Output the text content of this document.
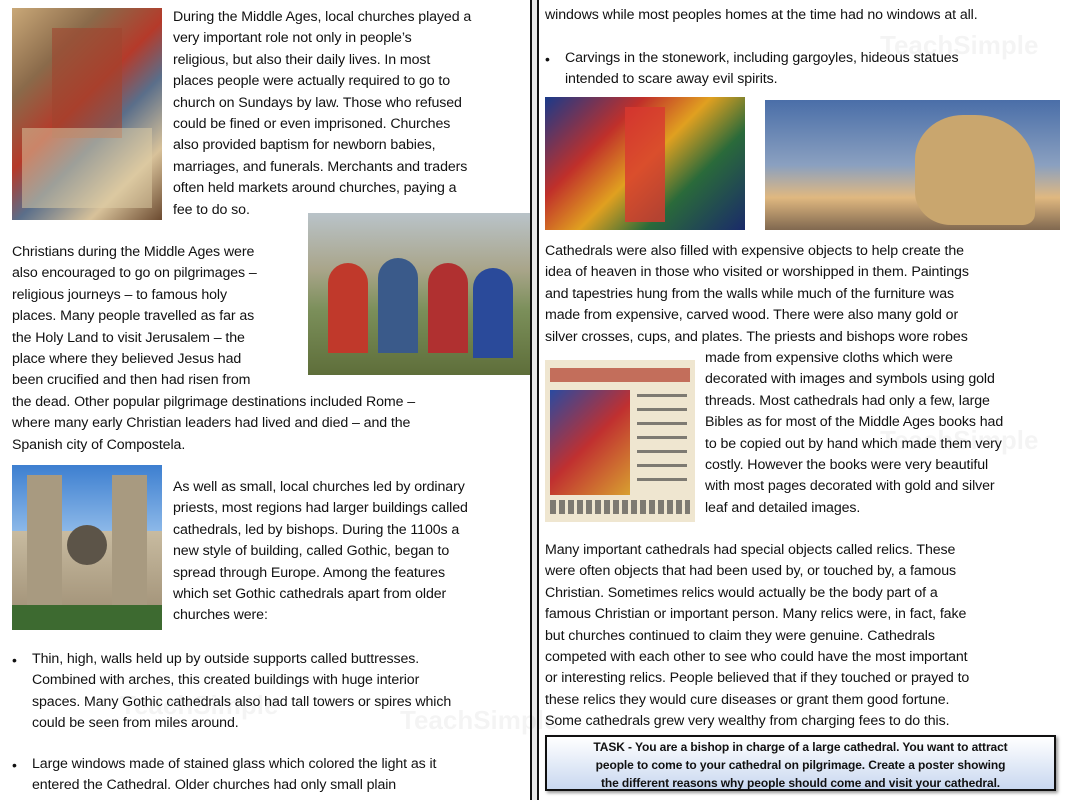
During the Middle Ages, local churches played a
very important role not only in people’s
religious, but also their daily lives. In most
places people were actually required to go to
church on Sundays by law. Those who refused
could be fined or even imprisoned. Churches
also provided baptism for newborn babies,
marriages, and funerals. Merchants and traders
often held markets around churches, paying a
fee to do so.
Christians during the Middle Ages were
also encouraged to go on pilgrimages –
religious journeys – to famous holy
places. Many people travelled as far as
the Holy Land to visit Jerusalem – the
place where they believed Jesus had
been crucified and then had risen from
the dead. Other popular pilgrimage destinations included Rome –
where many early Christian leaders had lived and died – and the
Spanish city of Compostela.
As well as small, local churches led by ordinary
priests, most regions had larger buildings called
cathedrals, led by bishops. During the 1100s a
new style of building, called Gothic, began to
spread through Europe. Among the features
which set Gothic cathedrals apart from older
churches were:
• Thin, high, walls held up by outside supports called buttresses.
Combined with arches, this created buildings with huge interior
spaces. Many Gothic cathedrals also had tall towers or spires which
could be seen from miles around.
• Large windows made of stained glass which colored the light as it
entered the Cathedral. Older churches had only small plain
windows while most peoples homes at the time had no windows at all.
• Carvings in the stonework, including gargoyles, hideous statues
intended to scare away evil spirits.
Cathedrals were also filled with expensive objects to help create the
idea of heaven in those who visited or worshipped in them. Paintings
and tapestries hung from the walls while much of the furniture was
made from expensive, carved wood. There were also many gold or
silver crosses, cups, and plates. The priests and bishops wore robes
made from expensive cloths which were
decorated with images and symbols using gold
threads. Most cathedrals had only a few, large
Bibles as for most of the Middle Ages books had
to be copied out by hand which made them very
costly. However the books were very beautiful
with most pages decorated with gold and silver
leaf and detailed images.
Many important cathedrals had special objects called relics. These
were often objects that had been used by, or touched by, a famous
Christian. Sometimes relics would actually be the body part of a
famous Christian or important person. Many relics were, in fact, fake
but churches continued to claim they were genuine. Cathedrals
competed with each other to see who could have the most important
or interesting relics. People believed that if they touched or prayed to
these relics they would cure diseases or grant them good fortune.
Some cathedrals grew very wealthy from charging fees to do this.
TASK - You are a bishop in charge of a large cathedral. You want to attract
people to come to your cathedral on pilgrimage. Create a poster showing
the different reasons why people should come and visit your cathedral.
